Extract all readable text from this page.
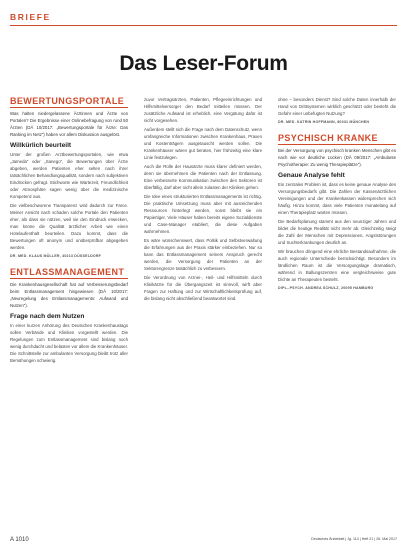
BRIEFE
Das Leser-Forum
BEWERTUNGSPORTALE

Was halten niedergelassene Ärztinnen und Ärzte von Portalen? Die Ergebnisse einer Onlinebefragung von rund 50 Ärzten (DÄ 10/2017: „Bewertungsportale für Ärzte: Das Ranking im Netz“) haben vor allem Diskussion ausgelöst.

Willkürlich beurteilt

Unter der großen Arztbewertungsportalen, wie etwa „Jameda“ oder „Sanego“, die Bewertungen über Ärzte abgeben, werden Patienten eher selten nach ihrer tatsächlichen Behandlungsqualität, sondern nach subjektiven Eindrücken gefragt. Stichworte wie Wartezeit, Freundlichkeit oder Atmosphäre sagen wenig über die medizinische Kompetenz aus.

Die vielbeschworene Transparenz wird dadurch zur Farce. Meiner Ansicht nach schaden solche Portale den Patienten eher, als dass sie nützen, weil sie den Eindruck erwecken, man könne die Qualität ärztlicher Arbeit wie einen Hotelaufenthalt beurteilen. Dazu kommt, dass die Bewertungen oft anonym und unüberprüfbar abgegeben werden.

DR. MED. KLAUS MÜLLER, 40213 DÜSSELDORF
ENTLASSMANAGEMENT

Die Krankenhausgesellschaft hat auf Verbesserungsbedarf beim Entlassmanagement hingewiesen (DÄ 10/2017: „Neuregelung des Entlassmanagements: Aufwand und Nutzen“).

Frage nach dem Nutzen

In einer kurzen Anhörung des Deutschen Krankenhaustags sollen Verbände und Kliniken vorgestellt werden. Die Regelungen zum Entlassmanagement sind bislang noch wenig durchdacht und belasten vor allem die Krankenhäuser. Die Schnittstelle zur ambulanten Versorgung bleibt trotz aller Bemühungen schwierig.

zuvor Vertragsärzten, Patienten, Pflegeeinrichtungen und Hilfsmittelversorger den Bedarf mitteilen müssen. Der zusätzliche Aufwand ist erheblich, eine Vergütung dafür ist nicht vorgesehen.

Außerdem stellt sich die Frage nach dem Datenschutz, wenn umfangreiche Informationen zwischen Krankenhaus, Praxen und Kostenträgern ausgetauscht werden sollen. Die Krankenhäuser wären gut beraten, hier frühzeitig eine klare Linie festzulegen.

Auch die Rolle der Hausärzte muss klarer definiert werden, denn sie übernehmen die Patienten nach der Entlassung. Eine verbesserte Kommunikation zwischen den Sektoren ist überfällig, darf aber nicht allein zulasten der Kliniken gehen.

Die Idee eines strukturierten Entlassmanagements ist richtig. Die praktische Umsetzung muss aber mit ausreichenden Ressourcen hinterlegt werden, sonst bleibt sie ein Papiertiger. Viele Häuser haben bereits eigene Sozialdienste und Case-Manager etabliert, die diese Aufgaben wahrnehmen.

Es wäre wünschenswert, dass Politik und Selbstverwaltung die Erfahrungen aus der Praxis stärker einbeziehen. Nur so kann das Entlassmanagement seinem Anspruch gerecht werden, die Versorgung der Patienten an der Sektorengrenze tatsächlich zu verbessern.

Die Verordnung von Arznei-, Heil- und Hilfsmitteln durch Klinikärzte für die Übergangszeit ist sinnvoll, wirft aber Fragen zur Haftung und zur Wirtschaftlichkeitsprüfung auf, die bislang nicht abschließend beantwortet sind.

ohne – besonders Dienst? Sind solche Daten innerhalb der Hand von Drittsystemen wirklich geschützt oder besteht die Gefahr einer unbefugten Nutzung?

DR. MED. KATRIN HOFFMANN, 80331 MÜNCHEN
PSYCHISCH KRANKE

Bei der Versorgung von psychisch kranken Menschen gibt es nach wie vor deutliche Lücken (DÄ 09/2017: „Ambulante Psychotherapie: Zu wenig Therapieplätze“).

Genaue Analyse fehlt

Ein zentrales Problem ist, dass es keine genaue Analyse des Versorgungsbedarfs gibt. Die Zahlen der Kassenärztlichen Vereinigungen und der Krankenkassen widersprechen sich häufig. Hinzu kommt, dass viele Patienten monatelang auf einen Therapieplatz warten müssen.

Die Bedarfsplanung stammt aus den neunziger Jahren und bildet die heutige Realität nicht mehr ab. Gleichzeitig steigt die Zahl der Menschen mit Depressionen, Angststörungen und Suchterkrankungen deutlich an.

Wir brauchen dringend eine ehrliche Bestandsaufnahme, die auch regionale Unterschiede berücksichtigt. Besonders im ländlichen Raum ist die Versorgungslage dramatisch, während in Ballungszentren eine vergleichsweise gute Dichte an Therapeuten besteht.

DIPL.-PSYCH. ANDREA SCHULZ, 20095 HAMBURG
A 1010	Deutsches Ärzteblatt | Jg. 114 | Heft 21 | 26. Mai 2017
